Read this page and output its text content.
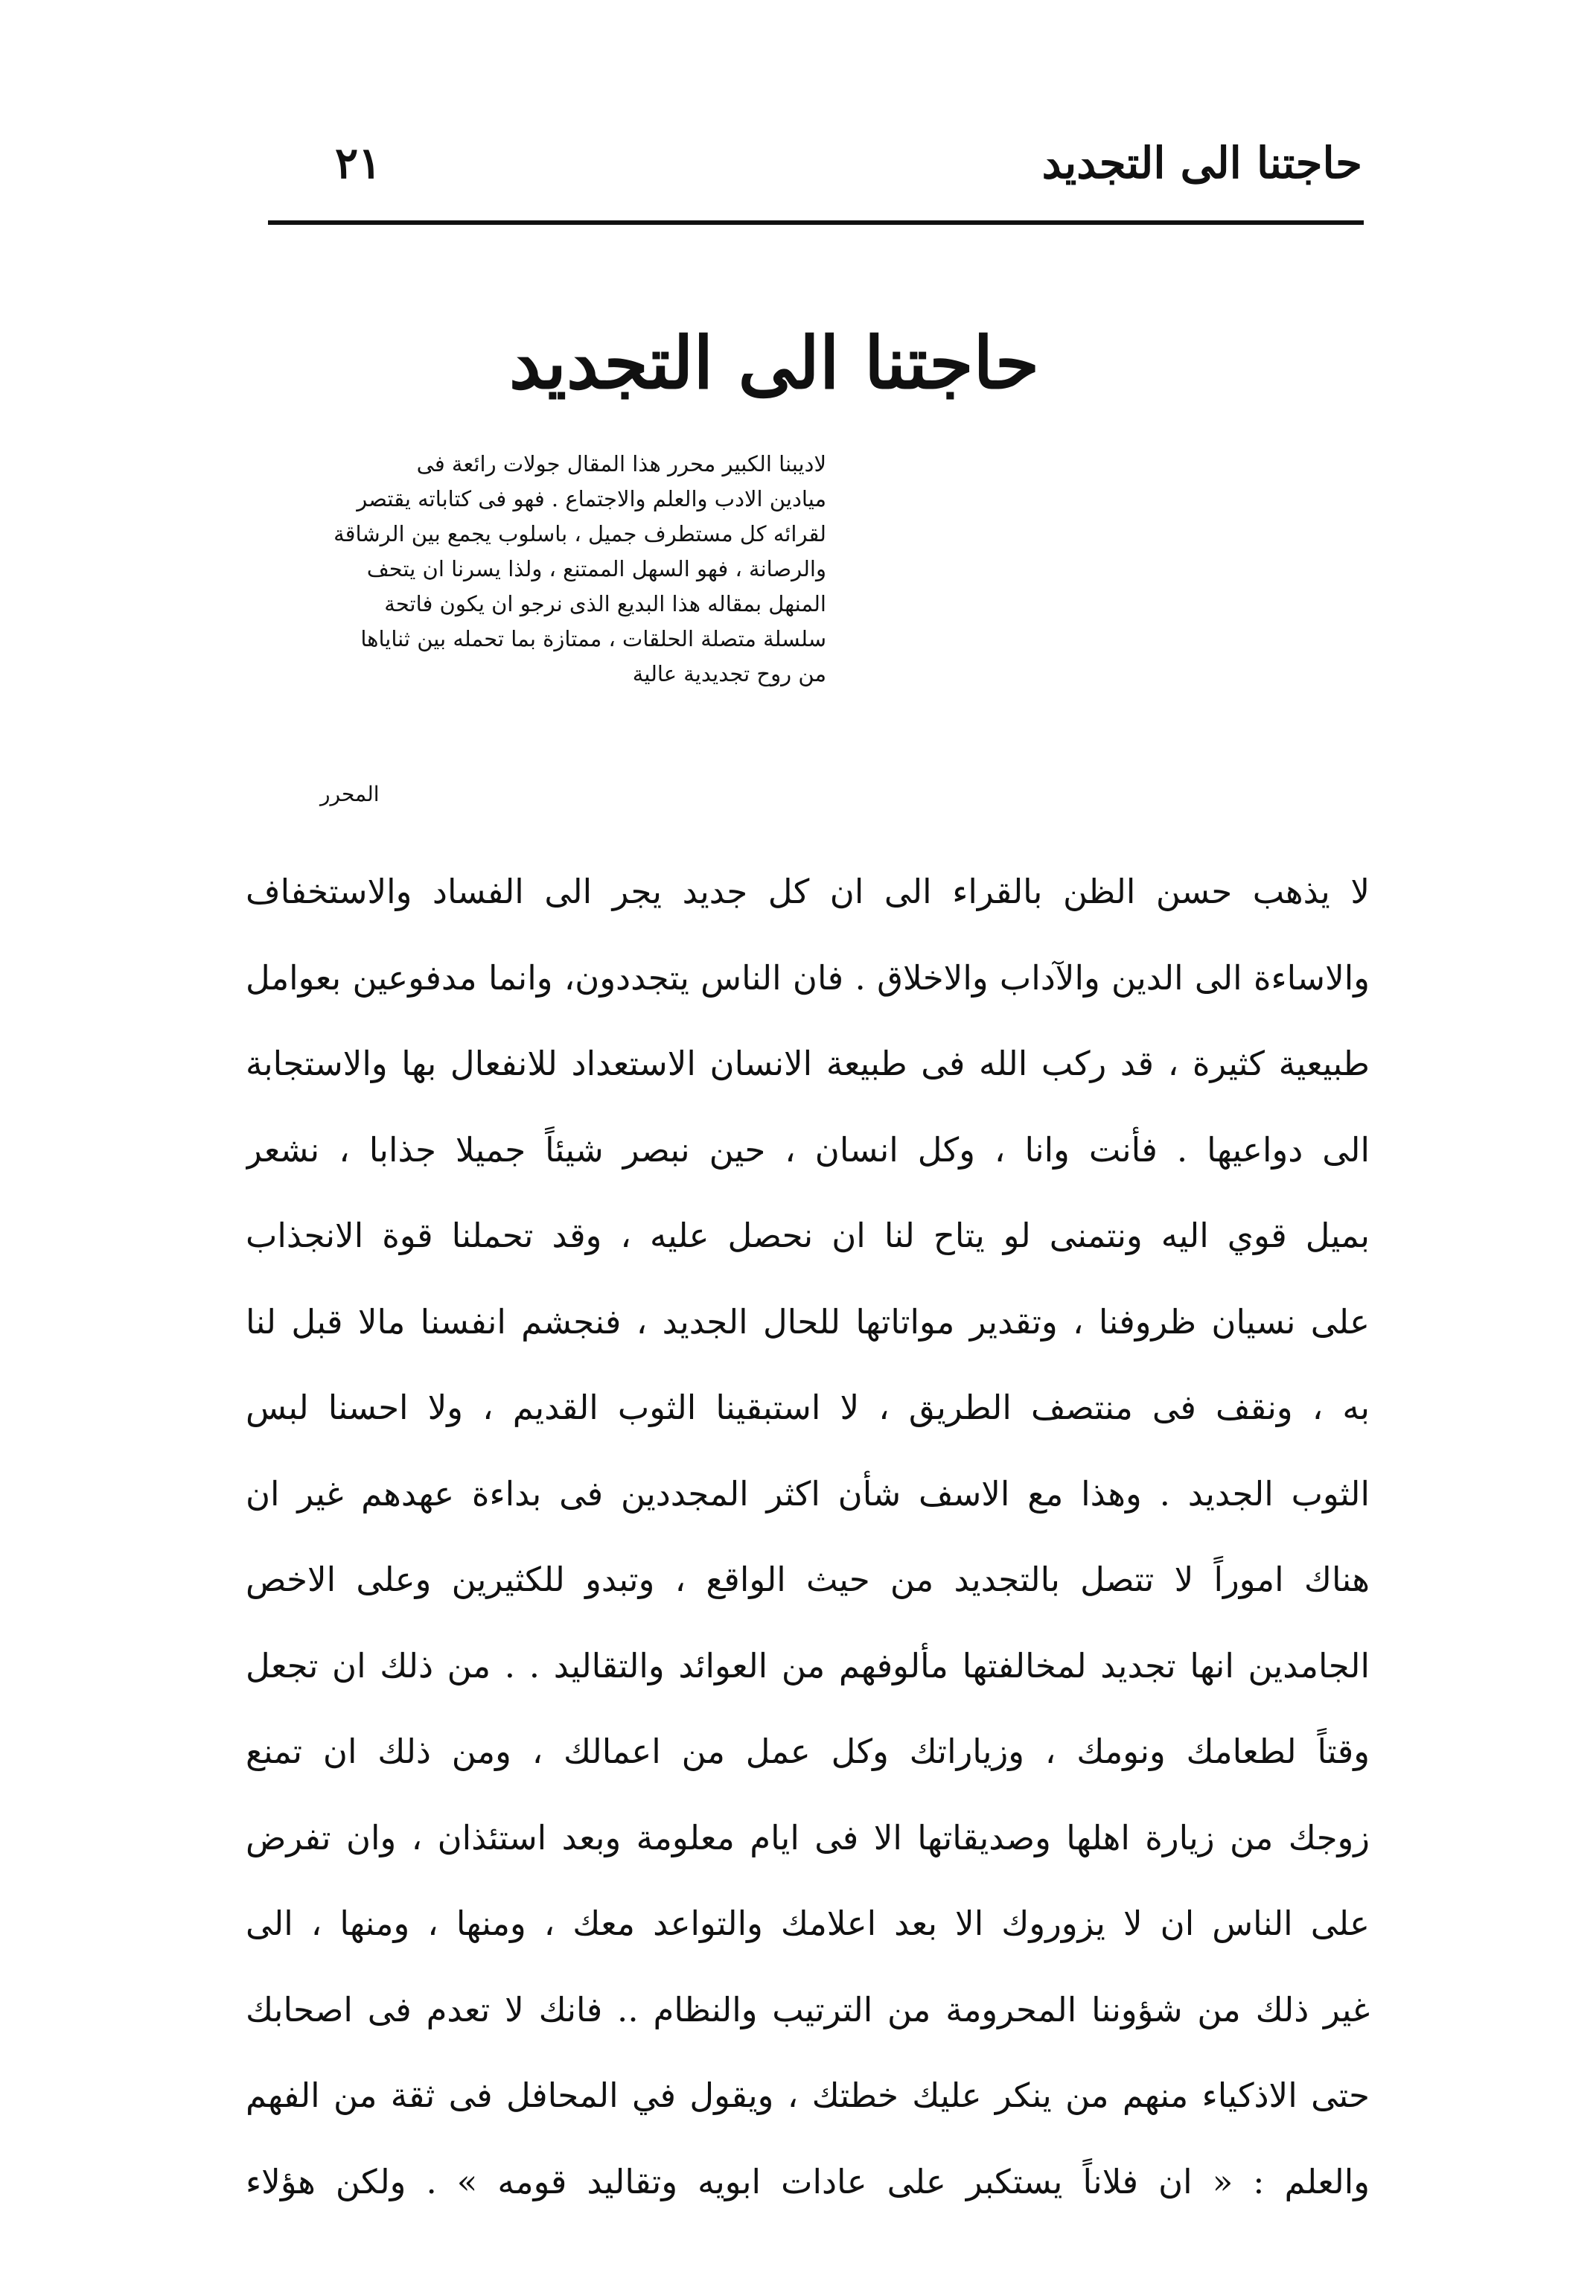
حاجتنا الى التجديد
٢١
حاجتنا الى التجديد
لاديبنا الكبير محرر هذا المقال جولات رائعة فى
ميادين الادب والعلم والاجتماع . فهو فى كتاباته يقتصر
لقرائه كل مستطرف جميل ، باسلوب يجمع بين الرشاقة
والرصانة ، فهو السهل الممتنع ، ولذا يسرنا ان يتحف
المنهل بمقاله هذا البديع الذى نرجو ان يكون فاتحة
سلسلة متصلة الحلقات ، ممتازة بما تحمله بين ثناياها
من روح تجديدية عالية
المحرر
لا يذهب حسن الظن بالقراء الى ان كل جديد يجر الى الفساد والاستخفاف
والاساءة الى الدين والآداب والاخلاق . فان الناس يتجددون، وانما مدفوعين بعوامل
طبيعية كثيرة ، قد ركب الله فى طبيعة الانسان الاستعداد للانفعال بها والاستجابة
الى دواعيها . فأنت وانا ، وكل انسان ، حين نبصر شيئاً جميلا جذابا ، نشعر
بميل قوي اليه ونتمنى لو يتاح لنا ان نحصل عليه ، وقد تحملنا قوة الانجذاب
على نسيان ظروفنا ، وتقدير مواتاتها للحال الجديد ، فنجشم انفسنا مالا قبل لنا
به ، ونقف فى منتصف الطريق ، لا استبقينا الثوب القديم ، ولا احسنا لبس
الثوب الجديد . وهذا مع الاسف شأن اكثر المجددين فى بداءة عهدهم غير ان
هناك اموراً لا تتصل بالتجديد من حيث الواقع ، وتبدو للكثيرين وعلى الاخص
الجامدين انها تجديد لمخالفتها مألوفهم من العوائد والتقاليد . . من ذلك ان تجعل
وقتاً لطعامك ونومك ، وزياراتك وكل عمل من اعمالك ، ومن ذلك ان تمنع
زوجك من زيارة اهلها وصديقاتها الا فى ايام معلومة وبعد استئذان ، وان تفرض
على الناس ان لا يزوروك الا بعد اعلامك والتواعد معك ، ومنها ، ومنها ، الى
غير ذلك من شؤوننا المحرومة من الترتيب والنظام .. فانك لا تعدم فى اصحابك
حتى الاذكياء منهم من ينكر عليك خطتك ، ويقول في المحافل فى ثقة من الفهم
والعلم : « ان فلاناً يستكبر على عادات ابويه وتقاليد قومه » . ولكن هؤلاء
